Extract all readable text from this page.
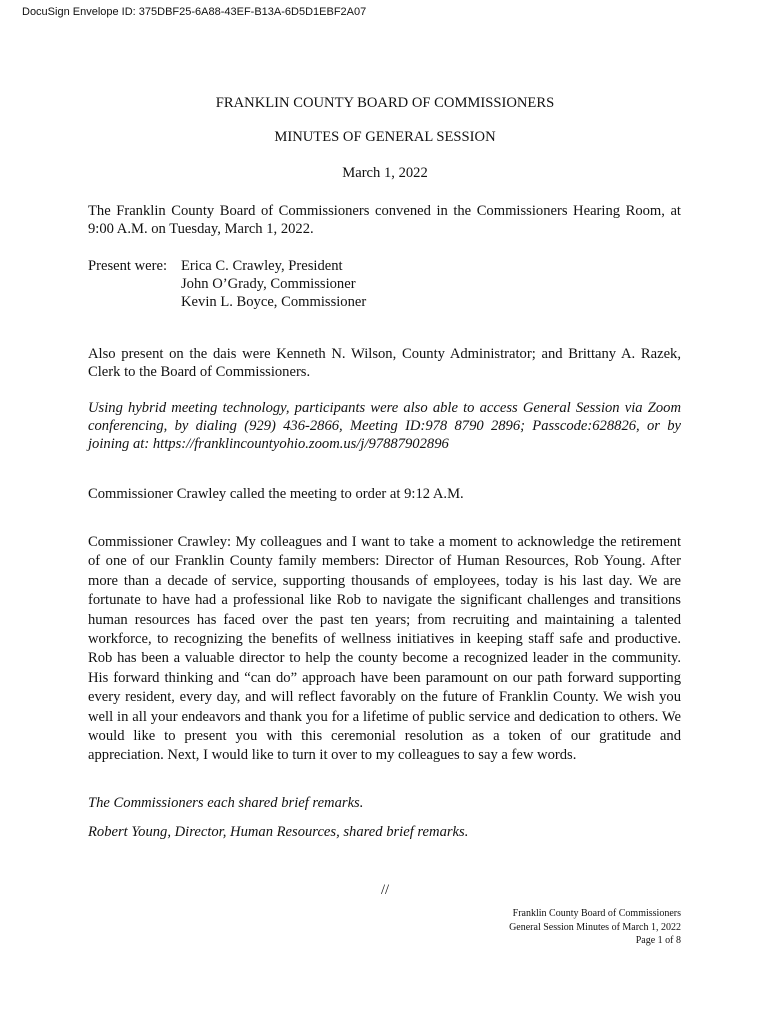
DocuSign Envelope ID: 375DBF25-6A88-43EF-B13A-6D5D1EBF2A07
FRANKLIN COUNTY BOARD OF COMMISSIONERS
MINUTES OF GENERAL SESSION
March 1, 2022
The Franklin County Board of Commissioners convened in the Commissioners Hearing Room, at 9:00 A.M. on Tuesday, March 1, 2022.
Present were: Erica C. Crawley, President
John O’Grady, Commissioner
Kevin L. Boyce, Commissioner
Also present on the dais were Kenneth N. Wilson, County Administrator; and Brittany A. Razek, Clerk to the Board of Commissioners.
Using hybrid meeting technology, participants were also able to access General Session via Zoom conferencing, by dialing (929) 436-2866, Meeting ID:978 8790 2896; Passcode:628826, or by joining at: https://franklincountyohio.zoom.us/j/97887902896
Commissioner Crawley called the meeting to order at 9:12 A.M.
Commissioner Crawley: My colleagues and I want to take a moment to acknowledge the retirement of one of our Franklin County family members: Director of Human Resources, Rob Young. After more than a decade of service, supporting thousands of employees, today is his last day. We are fortunate to have had a professional like Rob to navigate the significant challenges and transitions human resources has faced over the past ten years; from recruiting and maintaining a talented workforce, to recognizing the benefits of wellness initiatives in keeping staff safe and productive. Rob has been a valuable director to help the county become a recognized leader in the community. His forward thinking and “can do” approach have been paramount on our path forward supporting every resident, every day, and will reflect favorably on the future of Franklin County. We wish you well in all your endeavors and thank you for a lifetime of public service and dedication to others. We would like to present you with this ceremonial resolution as a token of our gratitude and appreciation. Next, I would like to turn it over to my colleagues to say a few words.
The Commissioners each shared brief remarks.
Robert Young, Director, Human Resources, shared brief remarks.
//
Franklin County Board of Commissioners
General Session Minutes of March 1, 2022
Page 1 of 8
